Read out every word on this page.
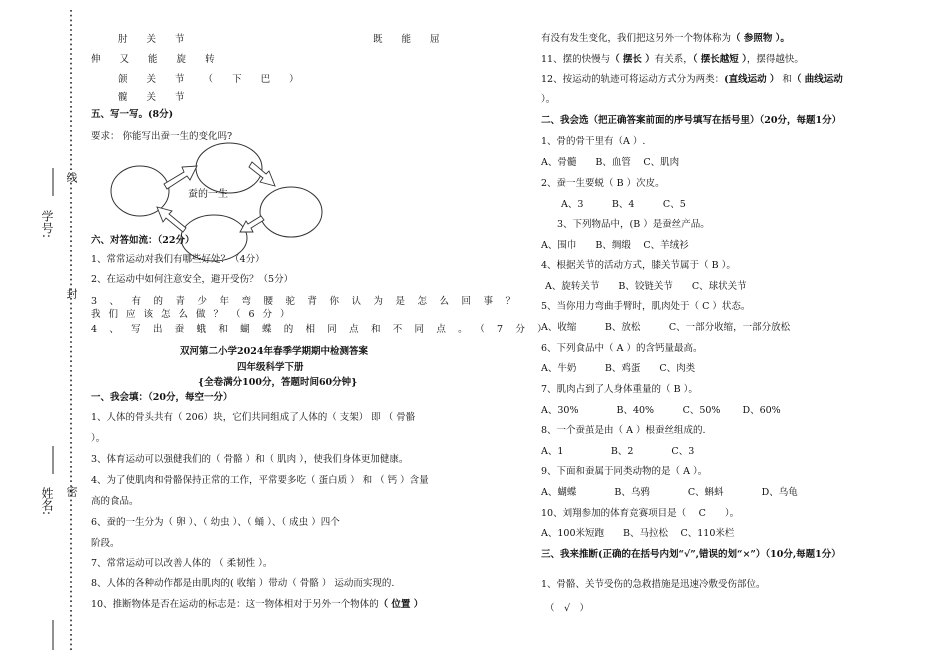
学号:
姓名:
线
封
密
肘 关 节	既 能 屈
伸 又 能 旋 转
颌 关 节 （ 下 巴 ）
髋 关 节
五、写一写。(8分)
要求： 你能写出蚕一生的变化吗?
蚕的一生
六、对答如流：（22分）
1、常常运动对我们有哪些好处？（4分）
2、在运动中如何注意安全，避开受伤？（5分）
3、有的青少年弯腰驼背你认为是怎么回事？
我们应该怎么做？（6分）
4、写出蚕蛾和蝴蝶的相同点和不同点。（7分）
双河第二小学2024年春季学期期中检测答案
四年级科学下册
{全卷满分100分，答题时间60分钟}
一、我会填：（20分，每空一分）
1、人体的骨头共有（ 206）块，它们共同组成了人体的（ 支架） 即 （ 骨骼
）。
3、体育运动可以强健我们的（ 骨骼 ）和（ 肌肉 ），使我们身体更加健康。
4、为了使肌肉和骨骼保持正常的工作，平常要多吃（ 蛋白质 ） 和 （ 钙 ）含量
高的食品。
6、蚕的一生分为（ 卵 ）、（ 幼虫 ）、（ 蛹 ）、（ 成虫 ）四个
阶段。
7、常常运动可以改善人体的 （ 柔韧性 ）。
8、人体的各种动作都是由肌肉的( 收缩 ）带动（ 骨骼 ） 运动而实现的.
10、推断物体是否在运动的标志是：这一物体相对于另外一个物体的（ 位置 ）
有没有发生变化，我们把这另外一个物体称为（ 参照物 ）。
11、摆的快慢与（ 摆长 ）有关系，（ 摆长越短 ），摆得越快。
12、按运动的轨迹可将运动方式分为两类：(直线运动 ） 和（ 曲线运动
）。
二、我会选（把正确答案前面的序号填写在括号里）（20分，每题1分）
1、骨的骨干里有（A ）.
A、骨髓　　B、血管　 C、肌肉
2、蚕一生要蜕（ B ）次皮。
A、3　　　B、4　　　C、5
3、下列物品中，(B ）是蚕丝产品。
A、围巾　　B、绸缎　 C、羊绒衫
4、根据关节的活动方式，膝关节属于（ B ）。
A、旋转关节　　B、铰链关节　　C、球状关节
5、当你用力弯曲手臂时，肌肉处于（ C ）状态。
A、收缩　　　B、放松　　　C、一部分收缩，一部分放松
6、下列食品中（ A ）的含钙量最高。
A、牛奶　　　B、鸡蛋　　C、肉类
7、肌肉占到了人身体重量的（ B ）。
A、30%　　　　B、40%　　　C、50%　　 D、60%
8、一个蚕茧是由（ A ）根蚕丝组成的.
A、1　　　　　B、2　　　　C、3
9、下面和蚕属于同类动物的是（ A ）。
A、蝴蝶　　　　B、乌鸦　　　　C、蝌蚪　　　　D、乌龟
10、刘翔参加的体育竞赛项目是（　 C　　）。
A、100米短跑　　B、马拉松　 C、110米栏
三、我来推断(正确的在括号内划“√”,错误的划“×”）（10分,每题1分）
1、骨骼、关节受伤的急救措施是迅速冷敷受伤部位。
（　√　）
